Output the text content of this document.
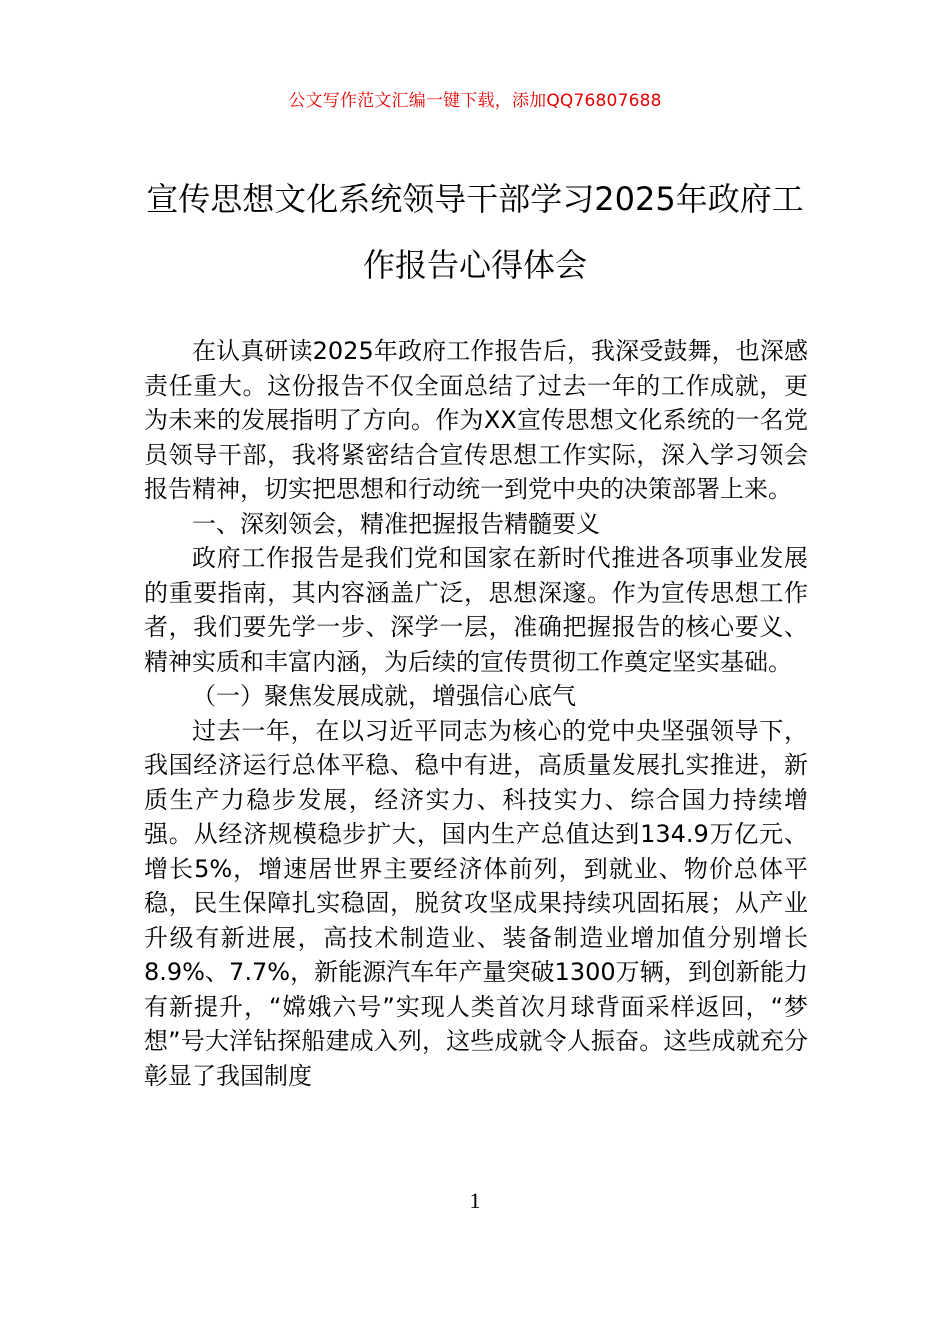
公文写作范文汇编一键下载，添加QQ76807688
宣传思想文化系统领导干部学习2025年政府工作报告心得体会

在认真研读2025年政府工作报告后，我深受鼓舞，也深感责任重大。这份报告不仅全面总结了过去一年的工作成就，更为未来的发展指明了方向。作为XX宣传思想文化系统的一名党员领导干部，我将紧密结合宣传思想工作实际，深入学习领会报告精神，切实把思想和行动统一到党中央的决策部署上来。

一、深刻领会，精准把握报告精髓要义

政府工作报告是我们党和国家在新时代推进各项事业发展的重要指南，其内容涵盖广泛，思想深邃。作为宣传思想工作者，我们要先学一步、深学一层，准确把握报告的核心要义、精神实质和丰富内涵，为后续的宣传贯彻工作奠定坚实基础。

（一）聚焦发展成就，增强信心底气

过去一年，在以习近平同志为核心的党中央坚强领导下，我国经济运行总体平稳、稳中有进，高质量发展扎实推进，新质生产力稳步发展，经济实力、科技实力、综合国力持续增强。从经济规模稳步扩大，国内生产总值达到134.9万亿元、增长5%，增速居世界主要经济体前列，到就业、物价总体平稳，民生保障扎实稳固，脱贫攻坚成果持续巩固拓展；从产业升级有新进展，高技术制造业、装备制造业增加值分别增长8.9%、7.7%，新能源汽车年产量突破1300万辆，到创新能力有新提升，“嫦娥六号”实现人类首次月球背面采样返回，“梦想”号大洋钻探船建成入列，这些成就令人振奋。这些成就充分彰显了我国制度

1
